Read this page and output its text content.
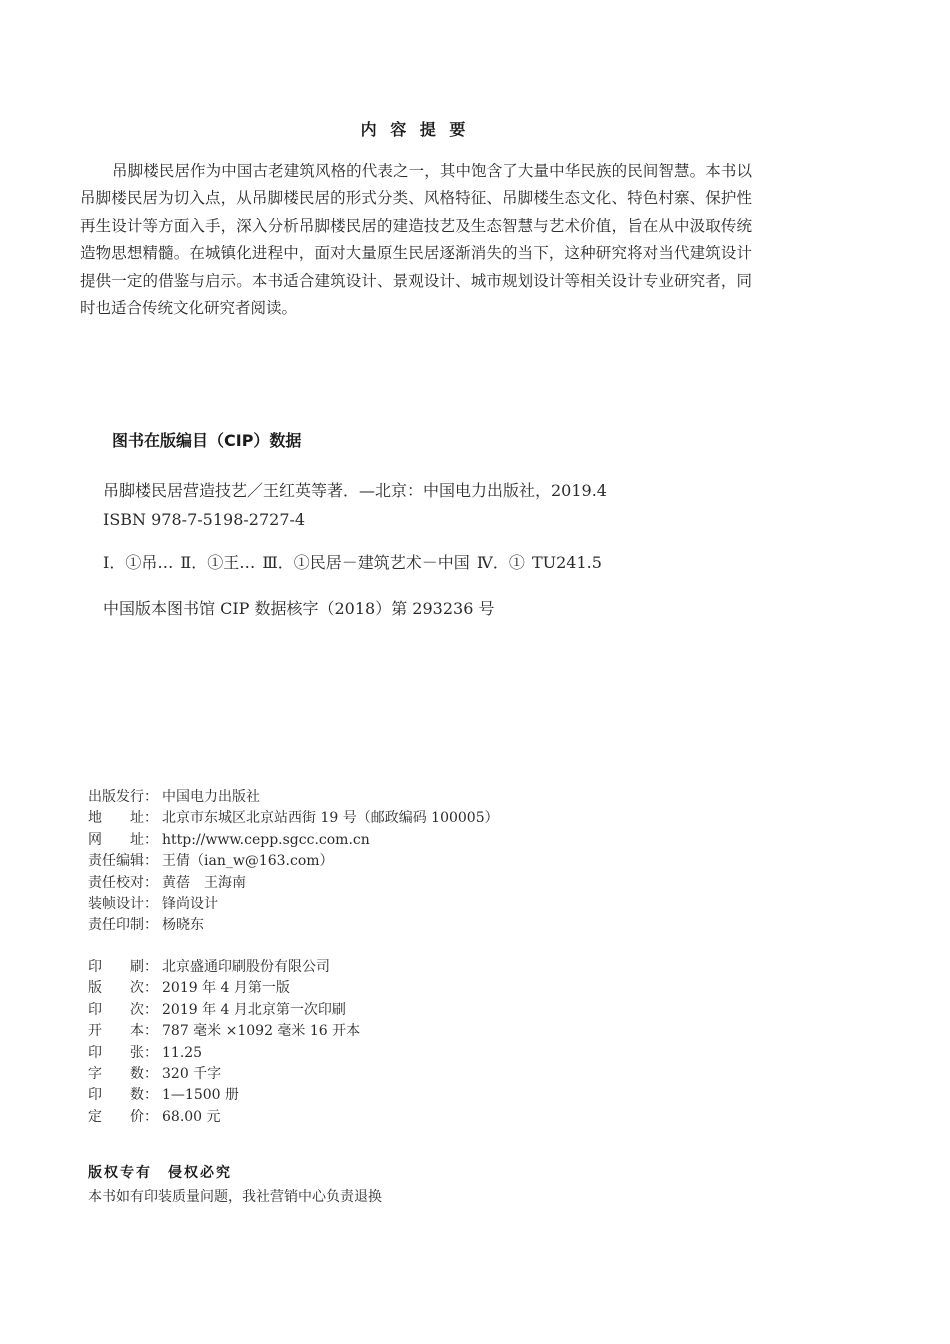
内 容 提 要

吊脚楼民居作为中国古老建筑风格的代表之一，其中饱含了大量中华民族的民间智慧。本书以吊脚楼民居为切入点，从吊脚楼民居的形式分类、风格特征、吊脚楼生态文化、特色村寨、保护性再生设计等方面入手，深入分析吊脚楼民居的建造技艺及生态智慧与艺术价值，旨在从中汲取传统造物思想精髓。在城镇化进程中，面对大量原生民居逐渐消失的当下，这种研究将对当代建筑设计提供一定的借鉴与启示。本书适合建筑设计、景观设计、城市规划设计等相关设计专业研究者，同时也适合传统文化研究者阅读。

图书在版编目（CIP）数据
吊脚楼民居营造技艺／王红英等著．—北京：中国电力出版社，2019.4
ISBN 978-7-5198-2727-4
Ⅰ．①吊… Ⅱ．①王… Ⅲ．①民居－建筑艺术－中国 Ⅳ．① TU241.5
中国版本图书馆 CIP 数据核字（2018）第 293236 号
出版发行： 中国电力出版社
地　　址： 北京市东城区北京站西街 19 号（邮政编码 100005）
网　　址： http://www.cepp.sgcc.com.cn
责任编辑： 王倩（ian_w@163.com）
责任校对： 黄蓓　王海南
装帧设计： 锋尚设计
责任印制： 杨晓东
印　　刷： 北京盛通印刷股份有限公司
版　　次： 2019 年 4 月第一版
印　　次： 2019 年 4 月北京第一次印刷
开　　本： 787 毫米 ×1092 毫米 16 开本
印　　张： 11.25
字　　数： 320 千字
印　　数： 1—1500 册
定　　价： 68.00 元
版权专有　侵权必究
本书如有印装质量问题，我社营销中心负责退换
